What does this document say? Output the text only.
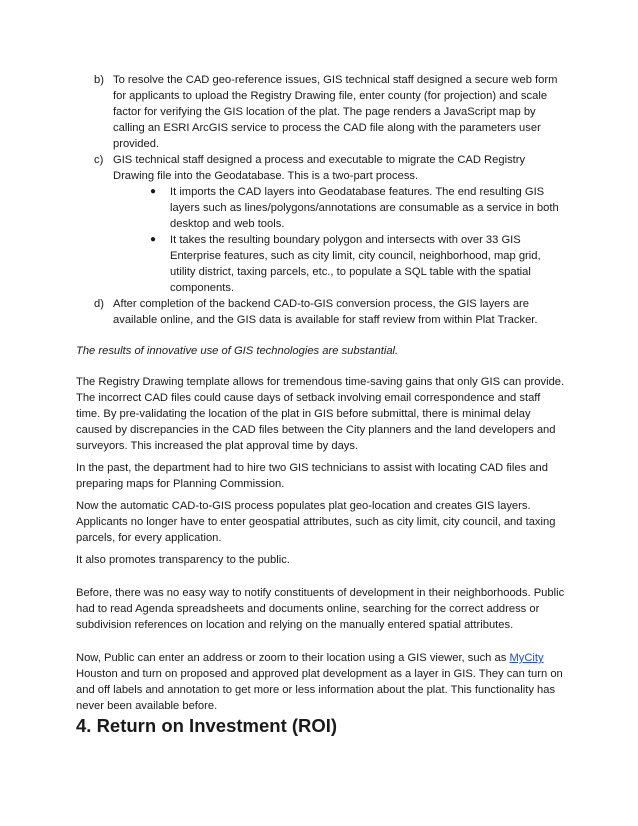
b) To resolve the CAD geo-reference issues, GIS technical staff designed a secure web form for applicants to upload the Registry Drawing file, enter county (for projection) and scale factor for verifying the GIS location of the plat. The page renders a JavaScript map by calling an ESRI ArcGIS service to process the CAD file along with the parameters user provided.

c) GIS technical staff designed a process and executable to migrate the CAD Registry Drawing file into the Geodatabase. This is a two-part process.

● It imports the CAD layers into Geodatabase features. The end resulting GIS layers such as lines/polygons/annotations are consumable as a service in both desktop and web tools.
● It takes the resulting boundary polygon and intersects with over 33 GIS Enterprise features, such as city limit, city council, neighborhood, map grid, utility district, taxing parcels, etc., to populate a SQL table with the spatial components.

d) After completion of the backend CAD-to-GIS conversion process, the GIS layers are available online, and the GIS data is available for staff review from within Plat Tracker.

The results of innovative use of GIS technologies are substantial.

The Registry Drawing template allows for tremendous time-saving gains that only GIS can provide. The incorrect CAD files could cause days of setback involving email correspondence and staff time. By pre-validating the location of the plat in GIS before submittal, there is minimal delay caused by discrepancies in the CAD files between the City planners and the land developers and surveyors. This increased the plat approval time by days.

In the past, the department had to hire two GIS technicians to assist with locating CAD files and preparing maps for Planning Commission.

Now the automatic CAD-to-GIS process populates plat geo-location and creates GIS layers. Applicants no longer have to enter geospatial attributes, such as city limit, city council, and taxing parcels, for every application.

It also promotes transparency to the public.

Before, there was no easy way to notify constituents of development in their neighborhoods. Public had to read Agenda spreadsheets and documents online, searching for the correct address or subdivision references on location and relying on the manually entered spatial attributes.

Now, Public can enter an address or zoom to their location using a GIS viewer, such as MyCity Houston and turn on proposed and approved plat development as a layer in GIS. They can turn on and off labels and annotation to get more or less information about the plat. This functionality has never been available before.

4. Return on Investment (ROI)
